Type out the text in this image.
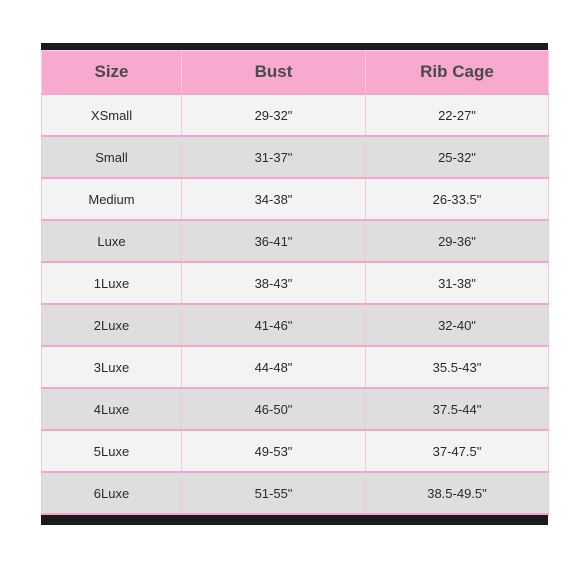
Size	Bust	Rib Cage
XSmall	29-32"	22-27"
Small	31-37"	25-32"
Medium	34-38"	26-33.5"
Luxe	36-41"	29-36"
1Luxe	38-43"	31-38"
2Luxe	41-46"	32-40"
3Luxe	44-48"	35.5-43"
4Luxe	46-50"	37.5-44"
5Luxe	49-53"	37-47.5"
6Luxe	51-55"	38.5-49.5"
